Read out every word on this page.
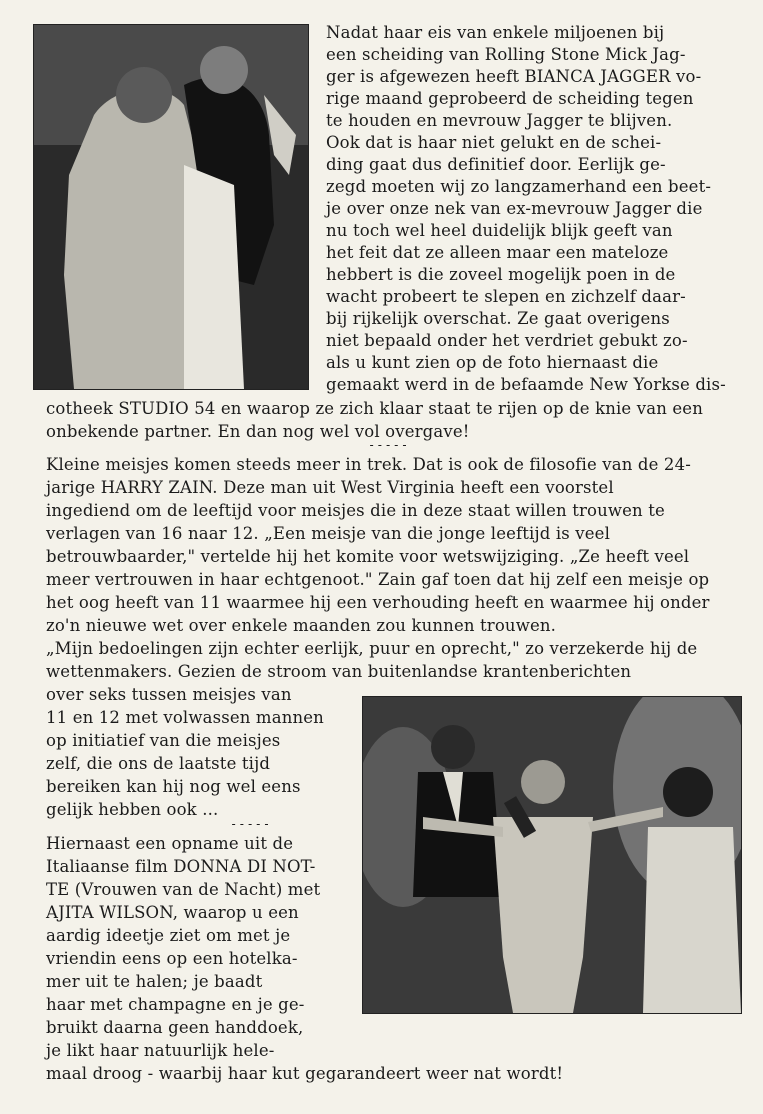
Nadat haar eis van enkele miljoenen bij
een scheiding van Rolling Stone Mick Jag-
ger is afgewezen heeft BIANCA JAGGER vo-
rige maand geprobeerd de scheiding tegen
te houden en mevrouw Jagger te blijven.
Ook dat is haar niet gelukt en de schei-
ding gaat dus definitief door. Eerlijk ge-
zegd moeten wij zo langzamerhand een beet-
je over onze nek van ex-mevrouw Jagger die
nu toch wel heel duidelijk blijk geeft van
het feit dat ze alleen maar een mateloze
hebbert is die zoveel mogelijk poen in de
wacht probeert te slepen en zichzelf daar-
bij rijkelijk overschat. Ze gaat overigens
niet bepaald onder het verdriet gebukt zo-
als u kunt zien op de foto hiernaast die
gemaakt werd in de befaamde New Yorkse dis-
cotheek STUDIO 54 en waarop ze zich klaar staat te rijen op de knie van een
onbekende partner. En dan nog wel vol overgave!
-----
Kleine meisjes komen steeds meer in trek. Dat is ook de filosofie van de 24-
jarige HARRY ZAIN. Deze man uit West Virginia heeft een voorstel
ingediend om de leeftijd voor meisjes die in deze staat willen trouwen te
verlagen van 16 naar 12. „Een meisje van die jonge leeftijd is veel
betrouwbaarder," vertelde hij het komite voor wetswijziging. „Ze heeft veel
meer vertrouwen in haar echtgenoot." Zain gaf toen dat hij zelf een meisje op
het oog heeft van 11 waarmee hij een verhouding heeft en waarmee hij onder
zo'n nieuwe wet over enkele maanden zou kunnen trouwen.
„Mijn bedoelingen zijn echter eerlijk, puur en oprecht," zo verzekerde hij de
wettenmakers. Gezien de stroom van buitenlandse krantenberichten
over seks tussen meisjes van
11 en 12 met volwassen mannen
op initiatief van die meisjes
zelf, die ons de laatste tijd
bereiken kan hij nog wel eens
gelijk hebben ook ...
-----
Hiernaast een opname uit de
Italiaanse film DONNA DI NOT-
TE (Vrouwen van de Nacht) met
AJITA WILSON, waarop u een
aardig ideetje ziet om met je
vriendin eens op een hotelka-
mer uit te halen; je baadt
haar met champagne en je ge-
bruikt daarna geen handdoek,
je likt haar natuurlijk hele-
maal droog - waarbij haar kut gegarandeert weer nat wordt!
